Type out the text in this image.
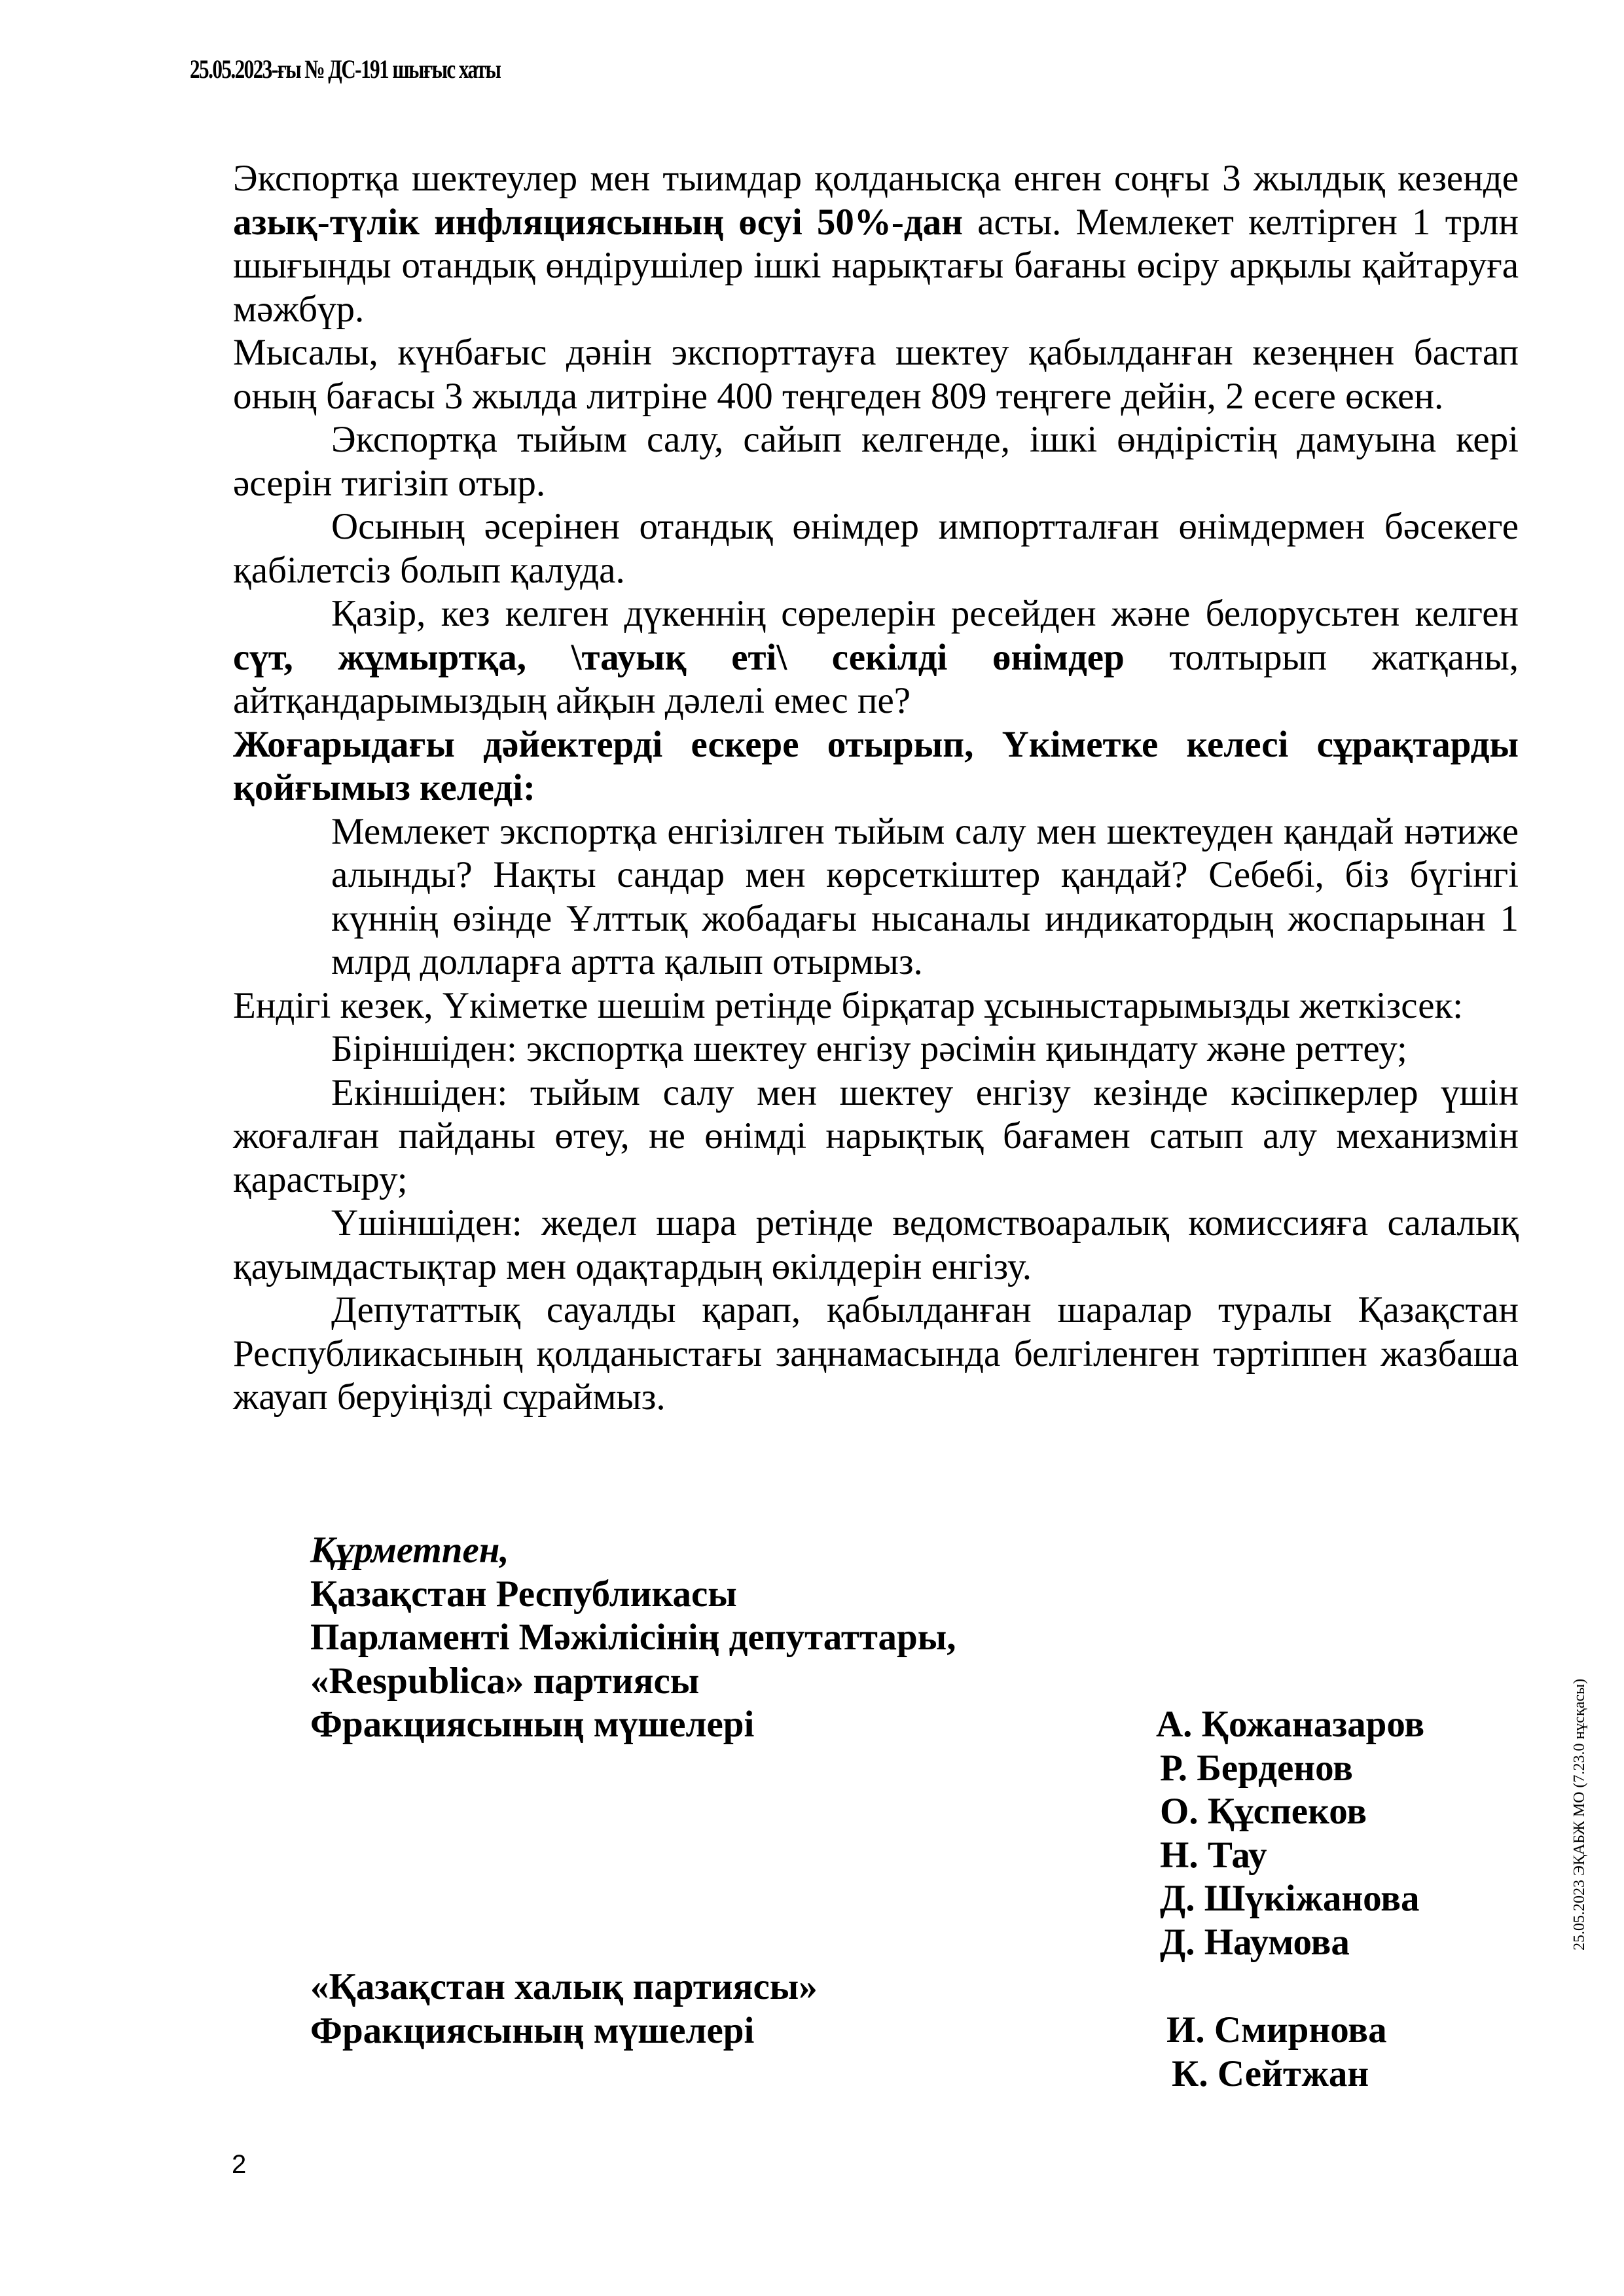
25.05.2023-ғы № ДС-191 шығыс хаты

Экспортқа шектеулер мен тыимдар қолданысқа енген соңғы 3 жылдық кезенде азық-түлік инфляциясының өсуі 50%-дан асты. Мемлекет келтірген 1 трлн шығынды отандық өндірушілер ішкі нарықтағы бағаны өсіру арқылы қайтаруға мәжбүр.

Мысалы, күнбағыс дәнін экспорттауға шектеу қабылданған кезеңнен бастап оның бағасы 3 жылда литріне 400 теңгеден 809 теңгеге дейін, 2 есеге өскен.

Экспортқа тыйым салу, сайып келгенде, ішкі өндірістің дамуына кері әсерін тигізіп отыр.

Осының әсерінен отандық өнімдер импортталған өнімдермен бәсекеге қабілетсіз болып қалуда.

Қазір, кез келген дүкеннің сөрелерін ресейден және белорусьтен келген сүт, жұмыртқа, \тауық еті\ секілді өнімдер толтырып жатқаны, айтқандарымыздың айқын дәлелі емес пе?

Жоғарыдағы дәйектерді ескере отырып, Үкіметке келесі сұрақтарды қойғымыз келеді:

Мемлекет экспортқа енгізілген тыйым салу мен шектеуден қандай нәтиже алынды? Нақты сандар мен көрсеткіштер қандай? Себебі, біз бүгінгі күннің өзінде Ұлттық жобадағы нысаналы индикатордың жоспарынан 1 млрд долларға артта қалып отырмыз.

Ендігі кезек, Үкіметке шешім ретінде бірқатар ұсыныстарымызды жеткізсек:

Біріншіден: экспортқа шектеу енгізу рәсімін қиындату және реттеу;

Екіншіден: тыйым салу мен шектеу енгізу кезінде кәсіпкерлер үшін жоғалған пайданы өтеу, не өнімді нарықтық бағамен сатып алу механизмін қарастыру;

Үшіншіден: жедел шара ретінде ведомствоаралық комиссияға салалық қауымдастықтар мен одақтардың өкілдерін енгізу.

Депутаттық сауалды қарап, қабылданған шаралар туралы Қазақстан Республикасының қолданыстағы заңнамасында белгіленген тәртіппен жазбаша жауап беруіңізді сұраймыз.

Құрметпен,
Қазақстан Республикасы
Парламенті Мәжілісінің депутаттары,
«Respublica» партиясы
Фракциясының мүшелері	А. Қожаназаров
Р. Берденов
О. Құспеков
Н. Тау
Д. Шүкіжанова
Д. Наумова
«Қазақстан халық партиясы»
Фракциясының мүшелері	И. Смирнова
К. Сейтжан
25.05.2023 ЭҚАБЖ МО (7.23.0 нұсқасы)
2
